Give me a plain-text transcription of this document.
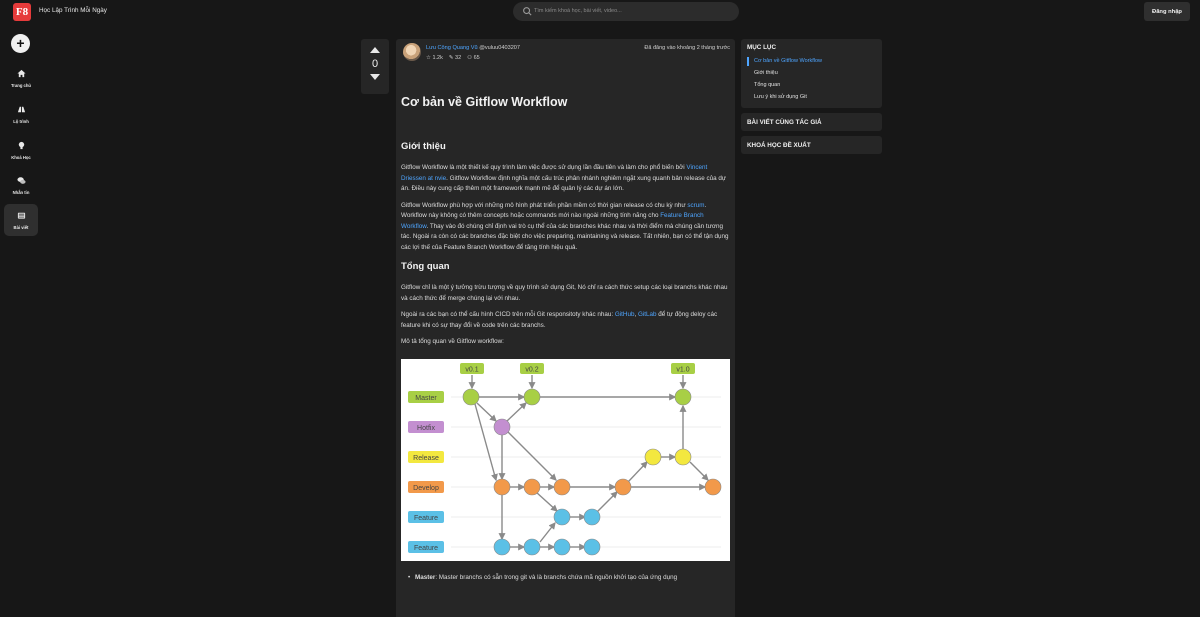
F8	Học Lập Trình Mỗi Ngày	Tìm kiếm khoá học, bài viết, video...	Đăng nhập
+
Trang chủ
Lộ trình
Khoá Học
Nhắn tin
Bài viết
0
Lưu Công Quang Vũ @vuluu0403207
☆ 1.2k ✎ 32 ⚇ 65
Đã đăng vào khoảng 2 tháng trước
Cơ bản về Gitflow Workflow
Giới thiệu

Gitflow Workflow là một thiết kế quy trình làm việc được sử dụng lần đầu tiên và làm cho phổ biến bởi Vincent Driessen at nvie. Gitflow Workflow định nghĩa một cấu trúc phân nhánh nghiêm ngặt xung quanh bản release của dự án. Điều này cung cấp thêm một framework mạnh mẽ để quản lý các dự án lớn.

Gitflow Workflow phù hợp với những mô hình phát triển phần mềm có thời gian release có chu kỳ như scrum. Workflow này không có thêm concepts hoặc commands mới nào ngoài những tính năng cho Feature Branch Workflow. Thay vào đó chúng chỉ định vai trò cụ thể của các branches khác nhau và thời điểm mà chúng cần tương tác. Ngoài ra còn có các branches đặc biệt cho việc preparing, maintaining và release. Tất nhiên, bạn có thể tận dụng các lợi thế của Feature Branch Workflow để tăng tính hiệu quả.

Tổng quan

Gitflow chỉ là một ý tưởng trừu tượng về quy trình sử dụng Git, Nó chỉ ra cách thức setup các loại branchs khác nhau và cách thức để merge chúng lại với nhau.

Ngoài ra các bạn có thể cấu hình CICD trên mỗi Git responsitoty khác nhau: GitHub, GitLab để tự động deloy các feature khi có sự thay đổi về code trên các branchs.

Mô tả tổng quan về Gitflow workflow:

Master
Hotfix
Release
Develop
Feature
Feature
v0.1	v0.2	v1.0

• Master: Master branchs có sẵn trong git và là branchs chứa mã nguồn khởi tạo của ứng dụng

MỤC LỤC
Cơ bản về Gitflow Workflow
Giới thiệu
Tổng quan
Lưu ý khi sử dụng Git
BÀI VIẾT CÙNG TÁC GIẢ
KHOÁ HỌC ĐỀ XUẤT
